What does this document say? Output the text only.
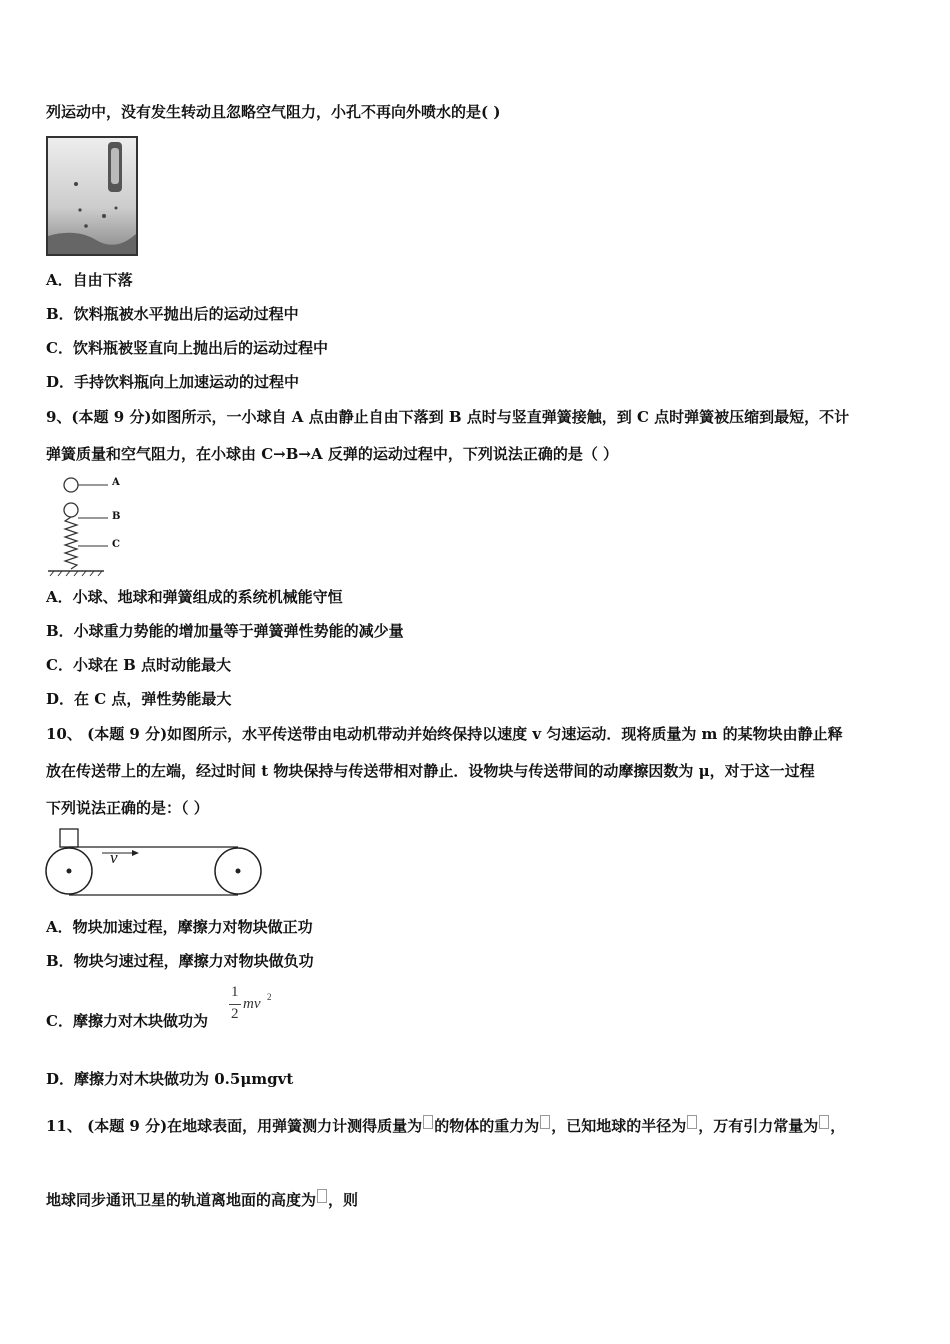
列运动中，没有发生转动且忽略空气阻力，小孔不再向外喷水的是( )
A．自由下落
B．饮料瓶被水平抛出后的运动过程中
C．饮料瓶被竖直向上抛出后的运动过程中
D．手持饮料瓶向上加速运动的过程中
9、(本题 9 分)如图所示，一小球自 A 点由静止自由下落到 B 点时与竖直弹簧接触，到 C 点时弹簧被压缩到最短，不计
弹簧质量和空气阻力，在小球由 C→B→A 反弹的运动过程中，下列说法正确的是（ ）
A
B
C
A．小球、地球和弹簧组成的系统机械能守恒
B．小球重力势能的增加量等于弹簧弹性势能的减少量
C．小球在 B 点时动能最大
D．在 C 点，弹性势能最大
10、 (本题 9 分)如图所示，水平传送带由电动机带动并始终保持以速度 v 匀速运动．现将质量为 m 的某物块由静止释
放在传送带上的左端，经过时间 t 物块保持与传送带相对静止．设物块与传送带间的动摩擦因数为 μ，对于这一过程
下列说法正确的是：（ ）
v
A．物块加速过程，摩擦力对物块做正功
B．物块匀速过程，摩擦力对物块做负功
C．摩擦力对木块做功为
1
2
mv 2
D．摩擦力对木块做功为 0.5μmgvt
11、 (本题 9 分)在地球表面，用弹簧测力计测得质量为 的物体的重力为 ，已知地球的半径为 ，万有引力常量为 ，
地球同步通讯卫星的轨道离地面的高度为 ，则
